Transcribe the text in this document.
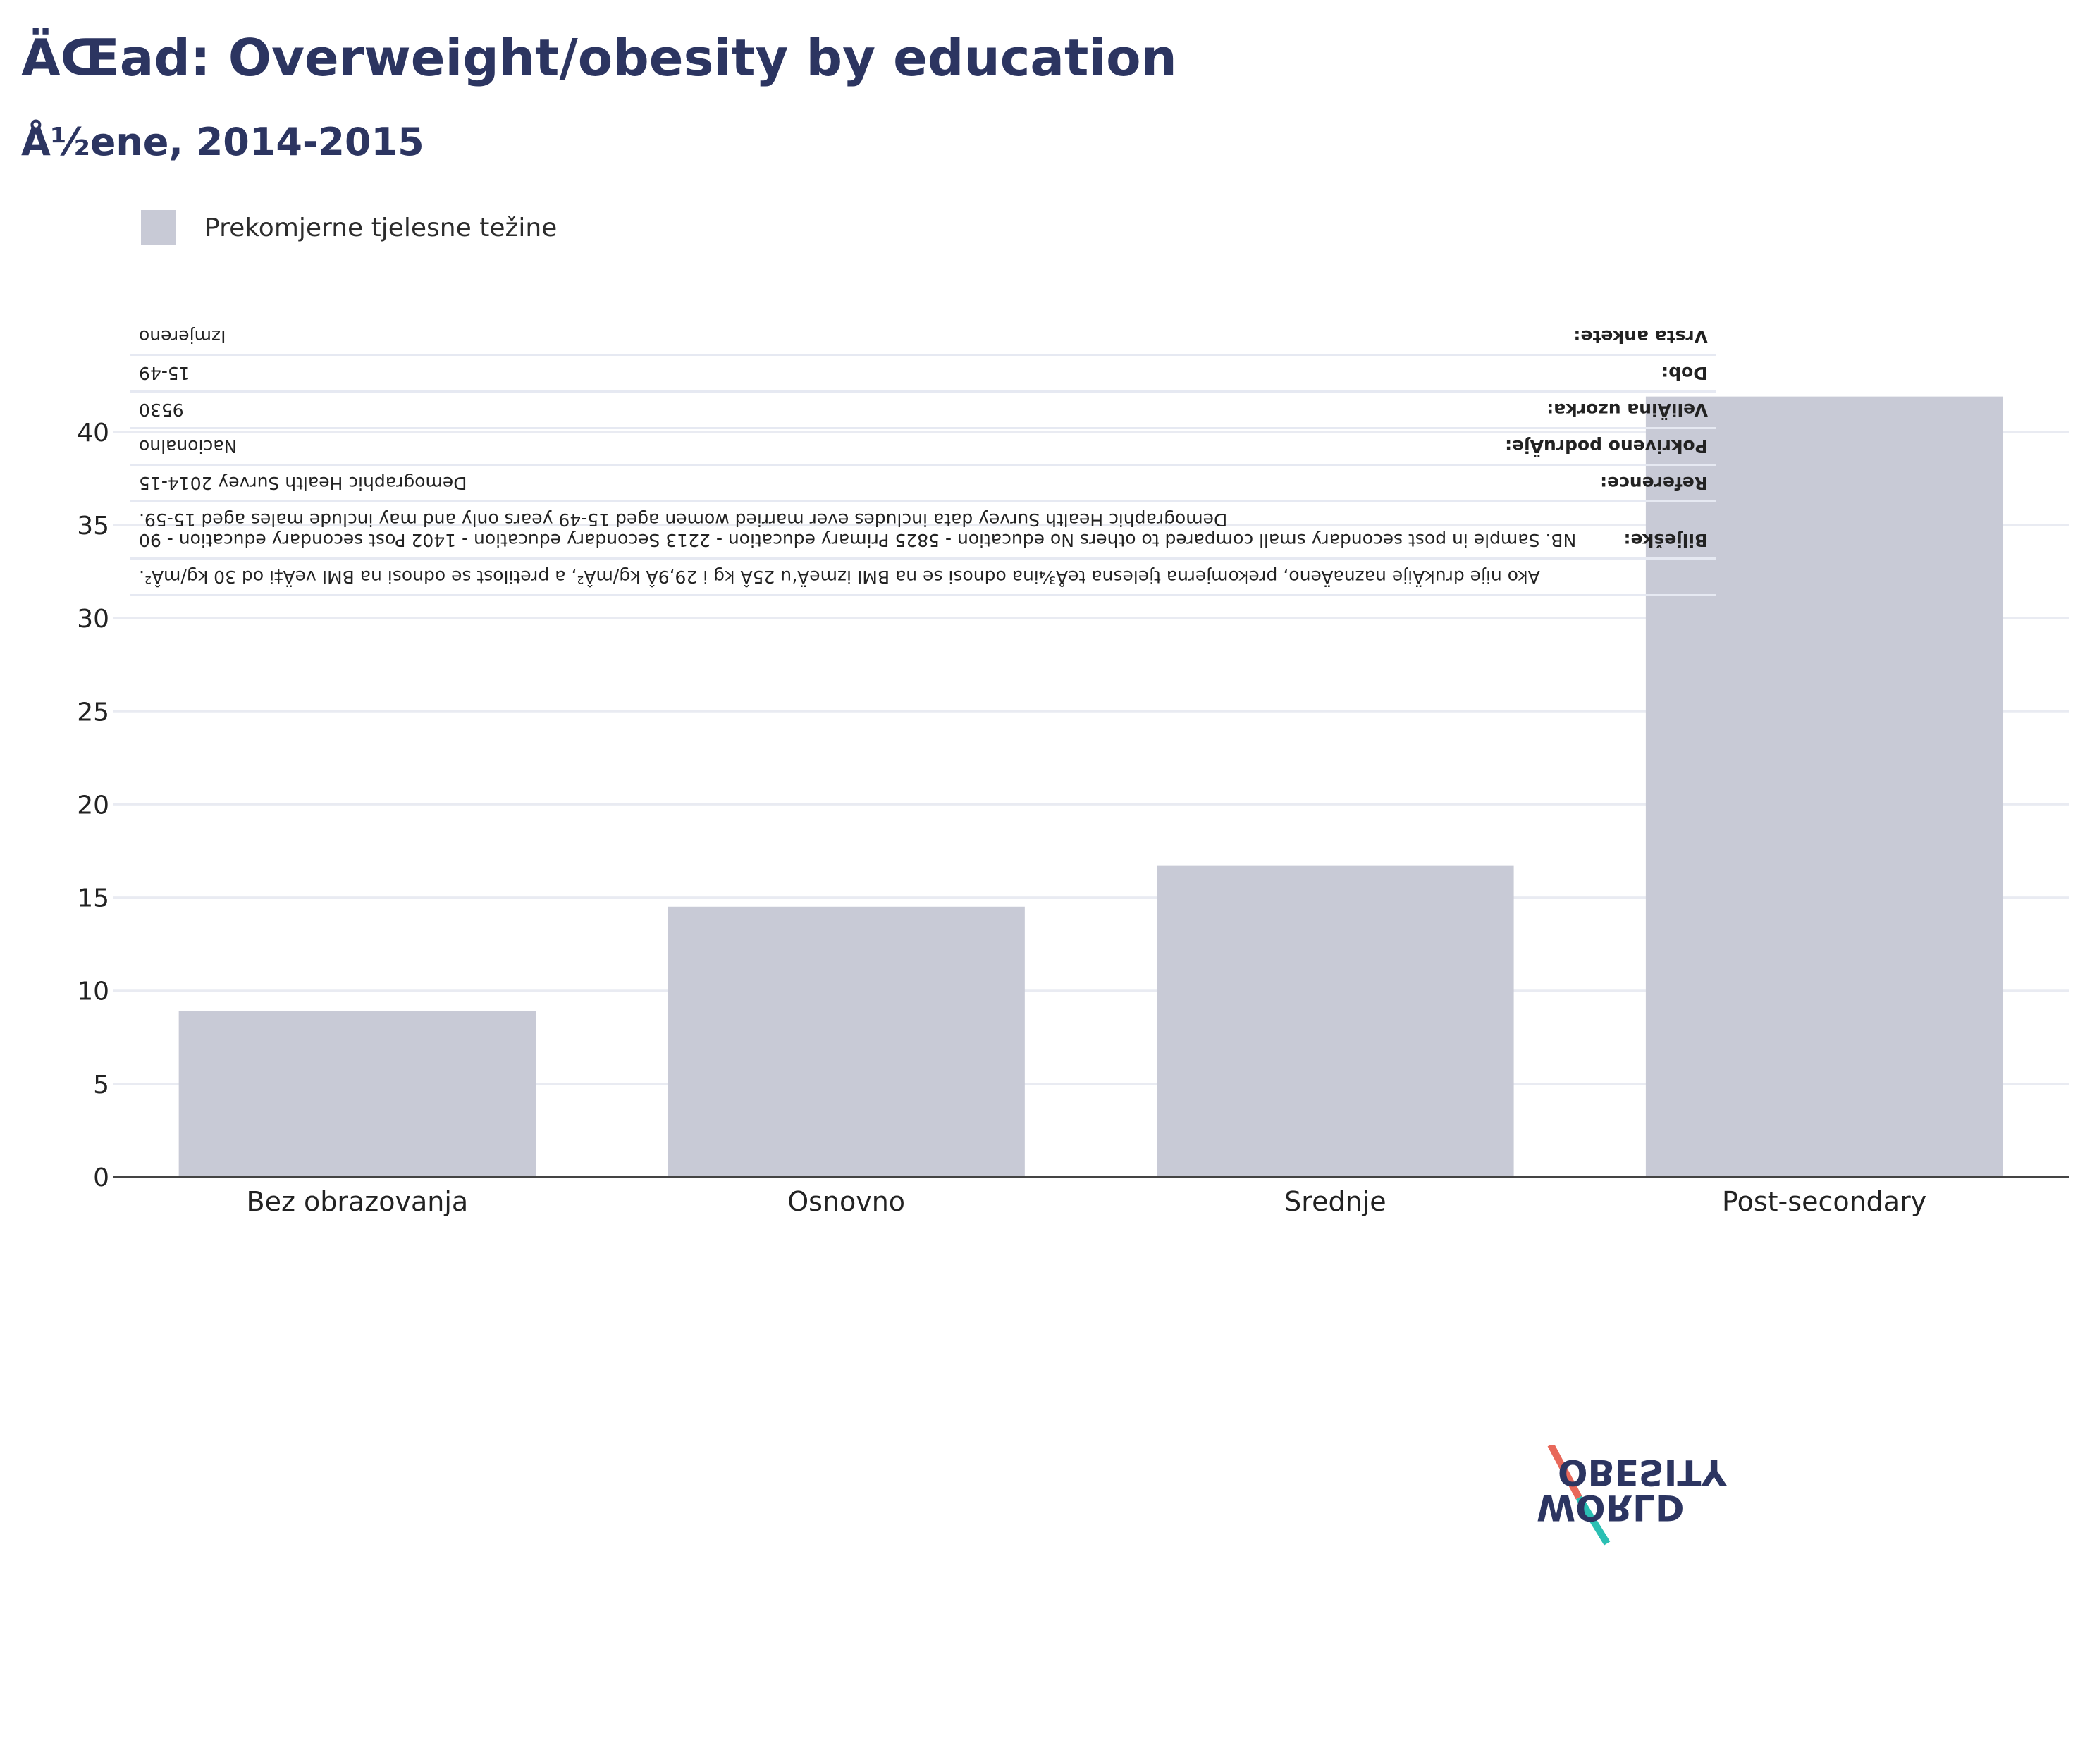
ÄŒad: Overweight/obesity by education
Å½ene, 2014-2015
0
5
10
15
20
25
30
35
40
Bez obrazovanja	Osnovno	Srednje	Post-secondary
Prekomjerne tjelesne težine
Ako nije drukÄije naznaÄeno, prekomjerna tjelesna teÅ¾ina odnosi se na BMI izmeÄ‘u 25Â kg i 29,9Â kg/mÂ², a pretilost se odnosi na BMI veÄ‡i od 30 kg/mÂ².
Bilješke:
NB. Sample in post secondary small compared to others No education - 5825 Primary education - 2213 Secondary education - 1402 Post secondary education - 90 Demographic Health Survey data includes ever married women aged 15-49 years only and may include males aged 15-59.
Reference:
Demographic Health Survey 2014-15
Pokriveno podruÄje:
Nacionalno
VeliÄina uzorka:
9530
Dob:
15-49
Vrsta ankete:
Izmjereno
OBESITY
WORLD
